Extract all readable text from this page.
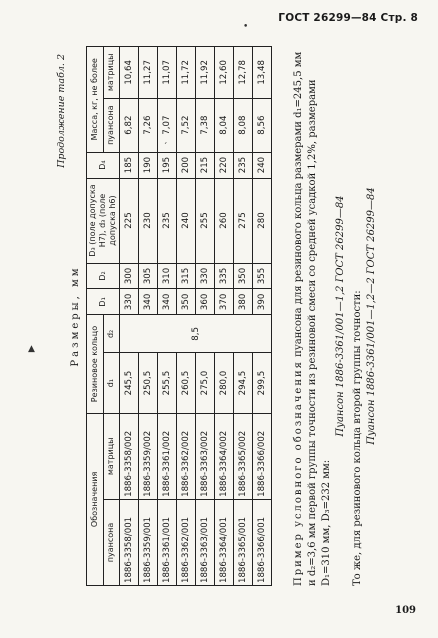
ГОСТ 26299—84 Стр. 8
•
ˊ
▲
Продолжение табл. 2
Размеры, мм
Обозначения		Резиновое кольцо		D₁	D₂	D₃ (поле допуска H7), d₃ (поле допуска h6)	D₄	Масса, кг, не более	
пуансона	матрицы	d₁	d₂					пуансона	матрицы
1886-3358/001	1886-3358/002	245,5	8,5	330	300	225	185	6,82	10,64
1886-3359/001	1886-3359/002	250,5		340	305	230	190	7,26	11,27
1886-3361/001	1886-3361/002	255,5		340	310	235	195	7,07	11,07
1886-3362/001	1886-3362/002	260,5		350	315	240	200	7,52	11,72
1886-3363/001	1886-3363/002	275,0		360	330	255	215	7,38	11,92
1886-3364/001	1886-3364/002	280,0		370	335	260	220	8,04	12,60
1886-3365/001	1886-3365/002	294,5		380	350	275	235	8,08	12,78
1886-3366/001	1886-3366/002	299,5		390	355	280	240	8,56	13,48

Пример условного обозначения пуансона для резинового кольца размерами d₁=245,5 мм и d₂=3,6 мм первой группы точности из резиновой смеси со средней усадкой 1,2%, размерами D₁=310 мм, D₃=232 мм:

Пуансон 1886-3361/001—1,2 ГОСТ 26299—84 То же, для резинового кольца второй группы точности: Пуансон 1886-3361/001—1,2—2 ГОСТ 26299—84

109
